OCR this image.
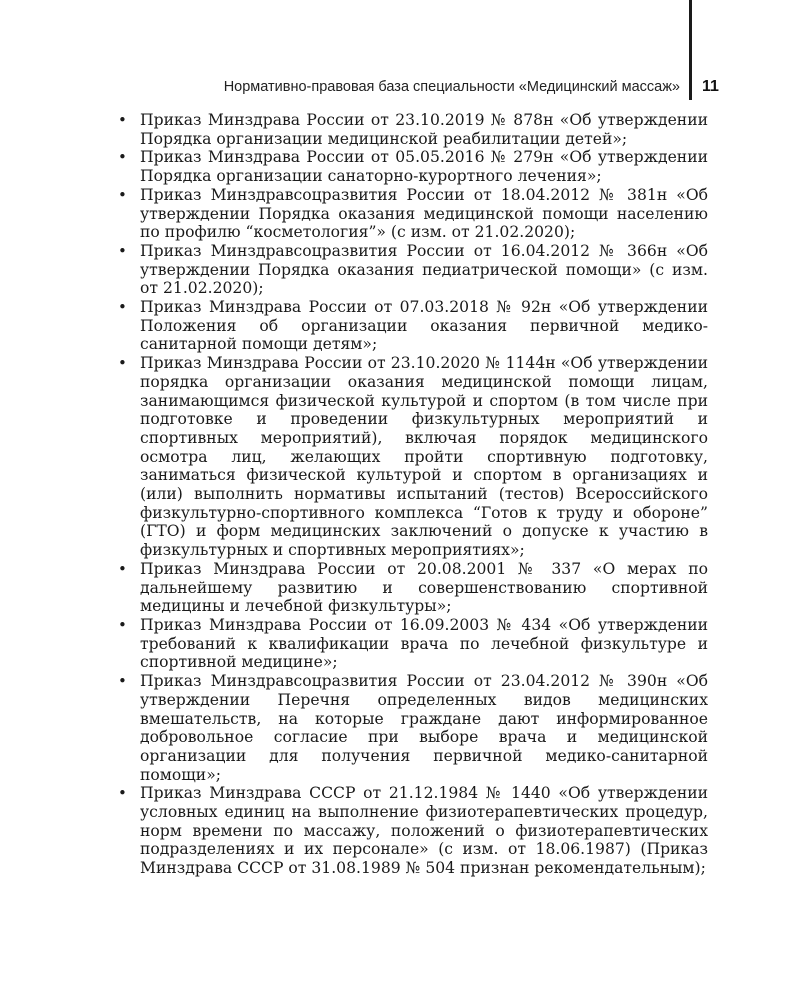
Нормативно-правовая база специальности «Медицинский массаж» 11
• Приказ Минздрава России от 23.10.2019 № 878н «Об утверждении Порядка организации медицинской реабилитации детей»;
• Приказ Минздрава России от 05.05.2016 № 279н «Об утверждении Порядка организации санаторно-курортного лечения»;
• Приказ Минздравсоцразвития России от 18.04.2012 № 381н «Об утверждении Порядка оказания медицинской помощи населению по профилю “косметология”» (с изм. от 21.02.2020);
• Приказ Минздравсоцразвития России от 16.04.2012 № 366н «Об утверждении Порядка оказания педиатрической помощи» (с изм. от 21.02.2020);
• Приказ Минздрава России от 07.03.2018 № 92н «Об утверждении Положения об организации оказания первичной медико-санитарной помощи детям»;
• Приказ Минздрава России от 23.10.2020 № 1144н «Об утверждении порядка организации оказания медицинской помощи лицам, занимающимся физической культурой и спортом (в том числе при подготовке и проведении физкультурных мероприятий и спортивных мероприятий), включая порядок медицинского осмотра лиц, желающих пройти спортивную подготовку, заниматься физической культурой и спортом в организациях и (или) выполнить нормативы испытаний (тестов) Всероссийского физкультурно-спортивного комплекса “Готов к труду и обороне” (ГТО) и форм медицинских заключений о допуске к участию в физкультурных и спортивных мероприятиях»;
• Приказ Минздрава России от 20.08.2001 № 337 «О мерах по дальнейшему развитию и совершенствованию спортивной медицины и лечебной физкультуры»;
• Приказ Минздрава России от 16.09.2003 № 434 «Об утверждении требований к квалификации врача по лечебной физкультуре и спортивной медицине»;
• Приказ Минздравсоцразвития России от 23.04.2012 № 390н «Об утверждении Перечня определенных видов медицинских вмешательств, на которые граждане дают информированное добровольное согласие при выборе врача и медицинской организации для получения первичной медико-санитарной помощи»;
• Приказ Минздрава СССР от 21.12.1984 № 1440 «Об утверждении условных единиц на выполнение физиотерапевтических процедур, норм времени по массажу, положений о физиотерапевтических подразделениях и их персонале» (с изм. от 18.06.1987) (Приказ Минздрава СССР от 31.08.1989 № 504 признан рекомендательным);
